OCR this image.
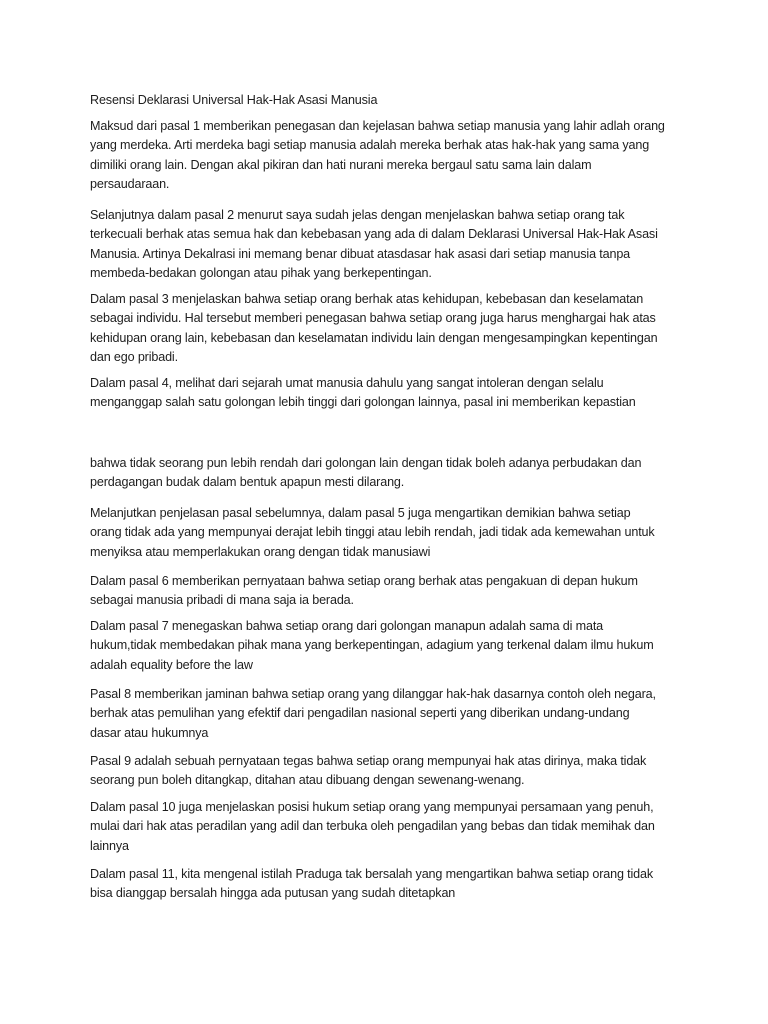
Resensi Deklarasi Universal Hak-Hak Asasi Manusia
Maksud dari pasal 1 memberikan penegasan dan kejelasan bahwa setiap manusia yang lahir adlah orang
yang merdeka. Arti merdeka bagi setiap manusia adalah mereka berhak atas hak-hak yang sama yang
dimiliki orang lain. Dengan akal pikiran dan hati nurani mereka bergaul satu sama lain dalam
persaudaraan.
Selanjutnya dalam pasal 2 menurut saya sudah jelas dengan menjelaskan bahwa setiap orang tak
terkecuali berhak atas semua hak dan kebebasan yang ada di dalam Deklarasi Universal Hak-Hak Asasi
Manusia. Artinya Dekalrasi ini memang benar dibuat atasdasar hak asasi dari setiap manusia tanpa
membeda-bedakan golongan atau pihak yang berkepentingan.
Dalam pasal 3 menjelaskan bahwa setiap orang berhak atas kehidupan, kebebasan dan keselamatan
sebagai individu. Hal tersebut memberi penegasan bahwa setiap orang juga harus menghargai hak atas
kehidupan orang lain, kebebasan dan keselamatan individu lain dengan mengesampingkan kepentingan
dan ego pribadi.
Dalam pasal 4, melihat dari sejarah umat manusia dahulu yang sangat intoleran dengan selalu
menganggap salah satu golongan lebih tinggi dari golongan lainnya, pasal ini memberikan kepastian
bahwa tidak seorang pun lebih rendah dari golongan lain dengan tidak boleh adanya perbudakan dan
perdagangan budak dalam bentuk apapun mesti dilarang.
Melanjutkan penjelasan pasal sebelumnya, dalam pasal 5 juga mengartikan demikian bahwa setiap
orang tidak ada yang mempunyai derajat lebih tinggi atau lebih rendah, jadi tidak ada kemewahan untuk
menyiksa atau memperlakukan orang dengan tidak manusiawi
Dalam pasal 6 memberikan pernyataan bahwa setiap orang berhak atas pengakuan di depan hukum
sebagai manusia pribadi di mana saja ia berada.
Dalam pasal 7 menegaskan bahwa setiap orang dari golongan manapun adalah sama di mata
hukum,tidak membedakan pihak mana yang berkepentingan, adagium yang terkenal dalam ilmu hukum
adalah equality before the law
Pasal 8 memberikan jaminan bahwa setiap orang yang dilanggar hak-hak dasarnya contoh oleh negara,
berhak atas pemulihan yang efektif dari pengadilan nasional seperti yang diberikan undang-undang
dasar atau hukumnya
Pasal 9 adalah sebuah pernyataan tegas bahwa setiap orang mempunyai hak atas dirinya, maka tidak
seorang pun boleh ditangkap, ditahan atau dibuang dengan sewenang-wenang.
Dalam pasal 10 juga menjelaskan posisi hukum setiap orang yang mempunyai persamaan yang penuh,
mulai dari hak atas peradilan yang adil dan terbuka oleh pengadilan yang bebas dan tidak memihak dan
lainnya
Dalam pasal 11, kita mengenal istilah Praduga tak bersalah yang mengartikan bahwa setiap orang tidak
bisa dianggap bersalah hingga ada putusan yang sudah ditetapkan
